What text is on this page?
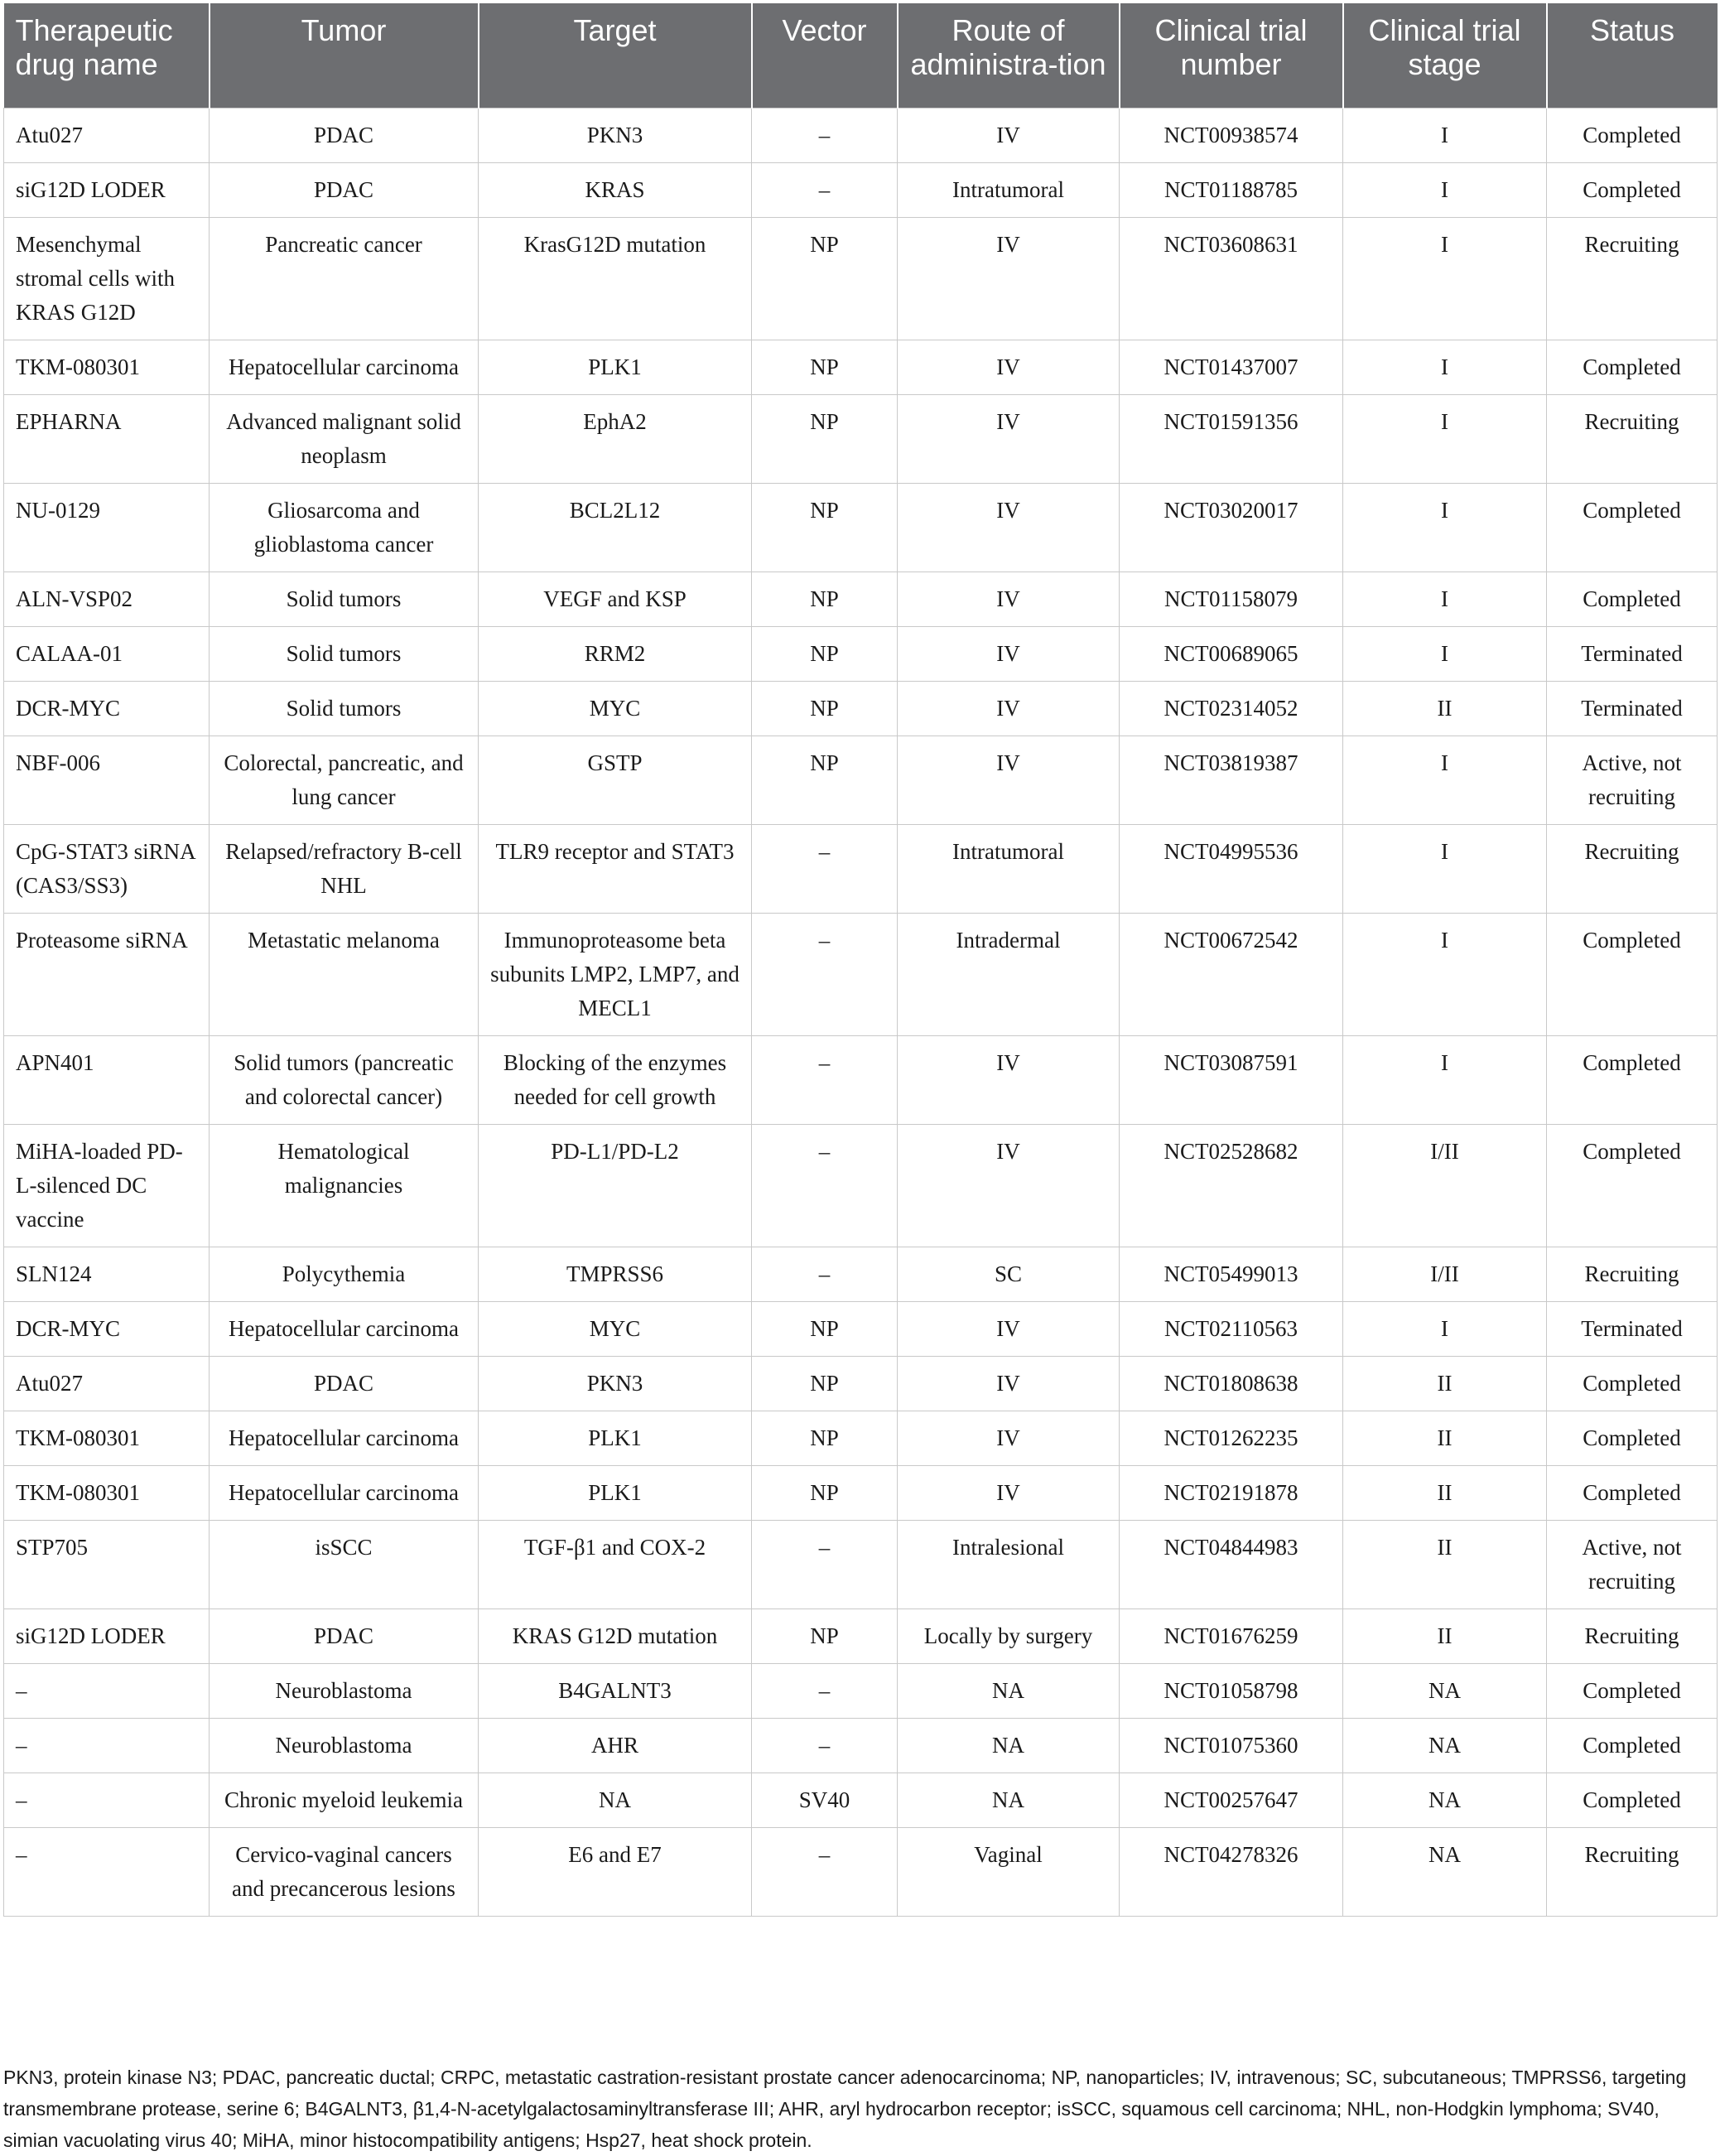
Therapeutic drug name	Tumor	Target	Vector	Route of administra-tion	Clinical trial number	Clinical trial stage	Status
Atu027	PDAC	PKN3	–	IV	NCT00938574	I	Completed
siG12D LODER	PDAC	KRAS	–	Intratumoral	NCT01188785	I	Completed
Mesenchymal stromal cells with KRAS G12D	Pancreatic cancer	KrasG12D mutation	NP	IV	NCT03608631	I	Recruiting
TKM-080301	Hepatocellular carcinoma	PLK1	NP	IV	NCT01437007	I	Completed
EPHARNA	Advanced malignant solid neoplasm	EphA2	NP	IV	NCT01591356	I	Recruiting
NU-0129	Gliosarcoma and glioblastoma cancer	BCL2L12	NP	IV	NCT03020017	I	Completed
ALN-VSP02	Solid tumors	VEGF and KSP	NP	IV	NCT01158079	I	Completed
CALAA-01	Solid tumors	RRM2	NP	IV	NCT00689065	I	Terminated
DCR-MYC	Solid tumors	MYC	NP	IV	NCT02314052	II	Terminated
NBF-006	Colorectal, pancreatic, and lung cancer	GSTP	NP	IV	NCT03819387	I	Active, not recruiting
CpG-STAT3 siRNA (CAS3/SS3)	Relapsed/refractory B-cell NHL	TLR9 receptor and STAT3	–	Intratumoral	NCT04995536	I	Recruiting
Proteasome siRNA	Metastatic melanoma	Immunoproteasome beta subunits LMP2, LMP7, and MECL1	–	Intradermal	NCT00672542	I	Completed
APN401	Solid tumors (pancreatic and colorectal cancer)	Blocking of the enzymes needed for cell growth	–	IV	NCT03087591	I	Completed
MiHA-loaded PD-L-silenced DC vaccine	Hematological malignancies	PD-L1/PD-L2	–	IV	NCT02528682	I/II	Completed
SLN124	Polycythemia	TMPRSS6	–	SC	NCT05499013	I/II	Recruiting
DCR-MYC	Hepatocellular carcinoma	MYC	NP	IV	NCT02110563	I	Terminated
Atu027	PDAC	PKN3	NP	IV	NCT01808638	II	Completed
TKM-080301	Hepatocellular carcinoma	PLK1	NP	IV	NCT01262235	II	Completed
TKM-080301	Hepatocellular carcinoma	PLK1	NP	IV	NCT02191878	II	Completed
STP705	isSCC	TGF-β1 and COX-2	–	Intralesional	NCT04844983	II	Active, not recruiting
siG12D LODER	PDAC	KRAS G12D mutation	NP	Locally by surgery	NCT01676259	II	Recruiting
–	Neuroblastoma	B4GALNT3	–	NA	NCT01058798	NA	Completed
–	Neuroblastoma	AHR	–	NA	NCT01075360	NA	Completed
–	Chronic myeloid leukemia	NA	SV40	NA	NCT00257647	NA	Completed
–	Cervico-vaginal cancers and precancerous lesions	E6 and E7	–	Vaginal	NCT04278326	NA	Recruiting

PKN3, protein kinase N3; PDAC, pancreatic ductal; CRPC, metastatic castration-resistant prostate cancer adenocarcinoma; NP, nanoparticles; IV, intravenous; SC, subcutaneous; TMPRSS6, targeting transmembrane protease, serine 6; B4GALNT3, β1,4-N-acetylgalactosaminyltransferase III; AHR, aryl hydrocarbon receptor; isSCC, squamous cell carcinoma; NHL, non-Hodgkin lymphoma; SV40, simian vacuolating virus 40; MiHA, minor histocompatibility antigens; Hsp27, heat shock protein.
